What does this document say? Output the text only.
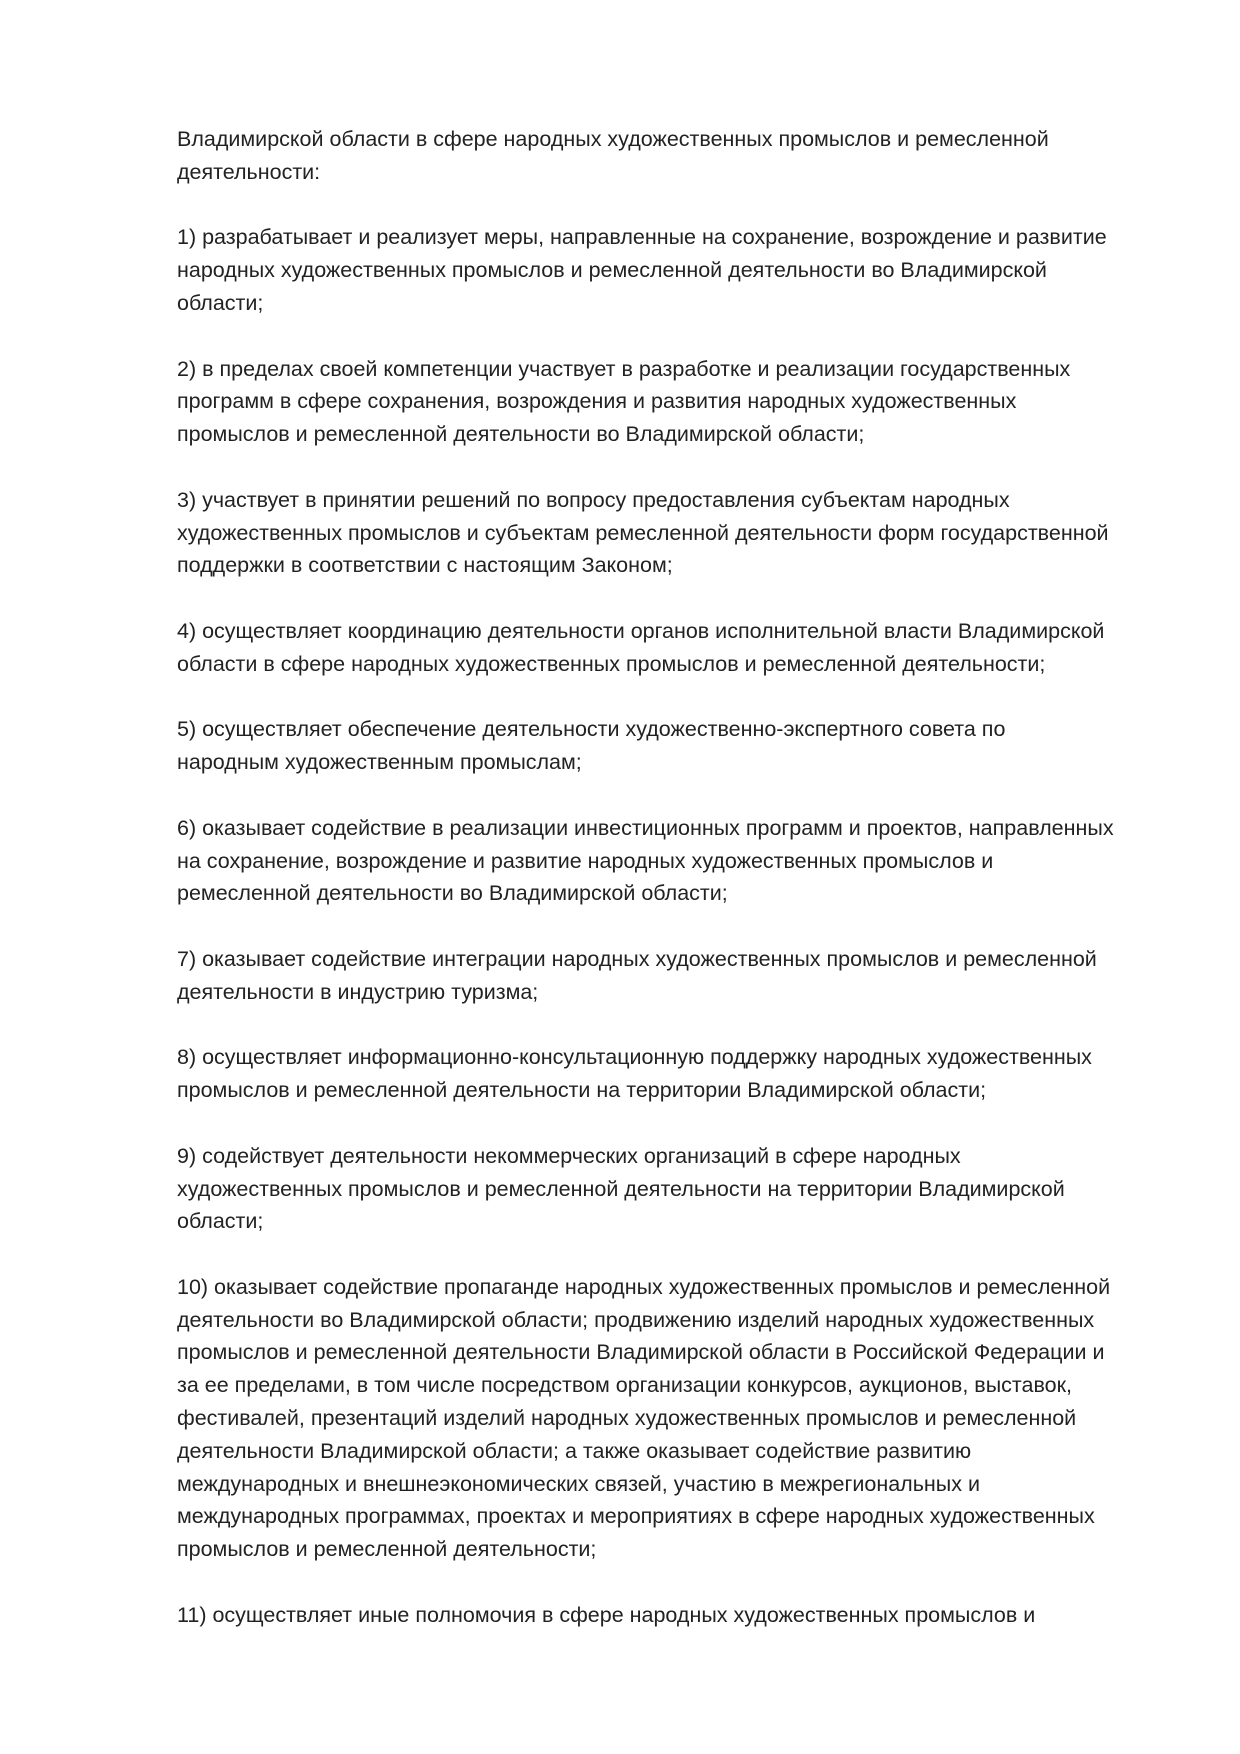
Владимирской области в сфере народных художественных промыслов и ремесленной
деятельности:

1) разрабатывает и реализует меры, направленные на сохранение, возрождение и развитие
народных художественных промыслов и ремесленной деятельности во Владимирской
области;

2) в пределах своей компетенции участвует в разработке и реализации государственных
программ в сфере сохранения, возрождения и развития народных художественных
промыслов и ремесленной деятельности во Владимирской области;

3) участвует в принятии решений по вопросу предоставления субъектам народных
художественных промыслов и субъектам ремесленной деятельности форм государственной
поддержки в соответствии с настоящим Законом;

4) осуществляет координацию деятельности органов исполнительной власти Владимирской
области в сфере народных художественных промыслов и ремесленной деятельности;

5) осуществляет обеспечение деятельности художественно-экспертного совета по
народным художественным промыслам;

6) оказывает содействие в реализации инвестиционных программ и проектов, направленных
на сохранение, возрождение и развитие народных художественных промыслов и
ремесленной деятельности во Владимирской области;

7) оказывает содействие интеграции народных художественных промыслов и ремесленной
деятельности в индустрию туризма;

8) осуществляет информационно-консультационную поддержку народных художественных
промыслов и ремесленной деятельности на территории Владимирской области;

9) содействует деятельности некоммерческих организаций в сфере народных
художественных промыслов и ремесленной деятельности на территории Владимирской
области;

10) оказывает содействие пропаганде народных художественных промыслов и ремесленной
деятельности во Владимирской области; продвижению изделий народных художественных
промыслов и ремесленной деятельности Владимирской области в Российской Федерации и
за ее пределами, в том числе посредством организации конкурсов, аукционов, выставок,
фестивалей, презентаций изделий народных художественных промыслов и ремесленной
деятельности Владимирской области; а также оказывает содействие развитию
международных и внешнеэкономических связей, участию в межрегиональных и
международных программах, проектах и мероприятиях в сфере народных художественных
промыслов и ремесленной деятельности;

11) осуществляет иные полномочия в сфере народных художественных промыслов и
